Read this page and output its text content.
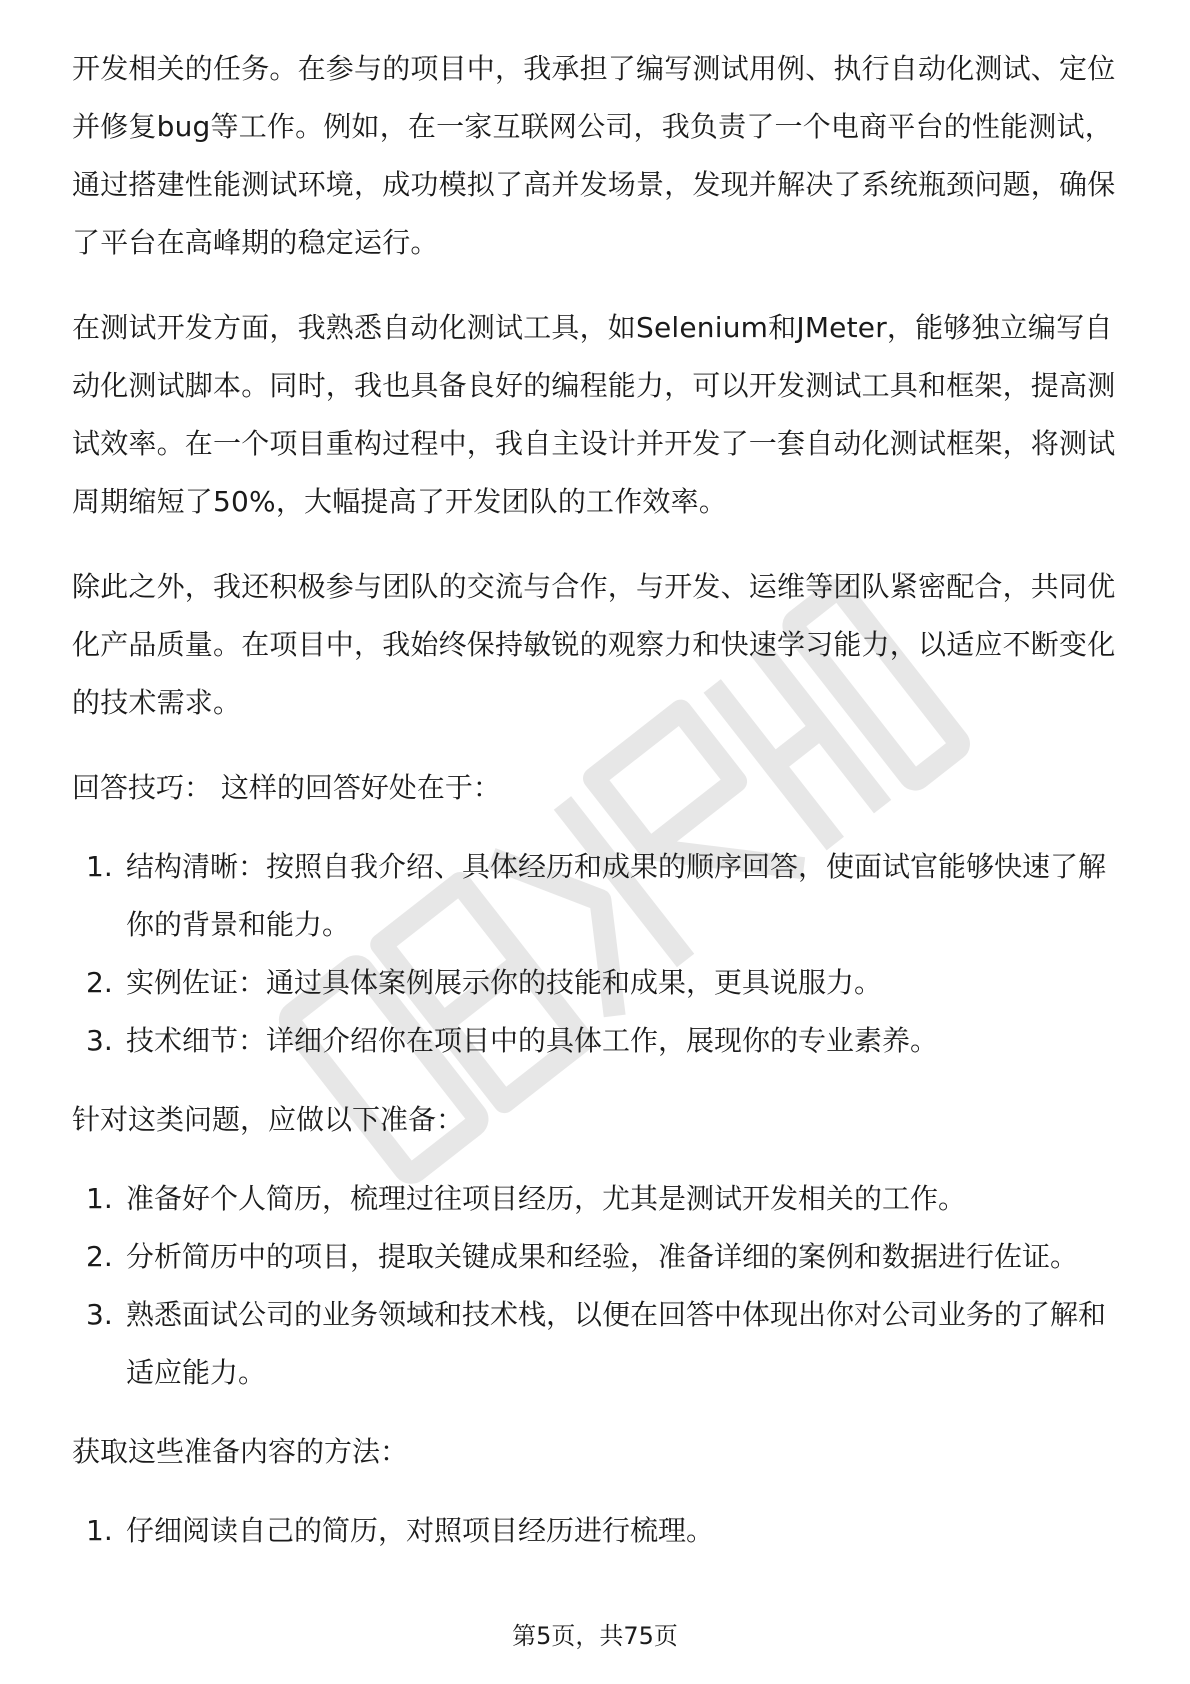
开发相关的任务。在参与的项目中，我承担了编写测试用例、执行自动化测试、定位并修复bug等工作。例如，在一家互联网公司，我负责了一个电商平台的性能测试，通过搭建性能测试环境，成功模拟了高并发场景，发现并解决了系统瓶颈问题，确保了平台在高峰期的稳定运行。

在测试开发方面，我熟悉自动化测试工具，如Selenium和JMeter，能够独立编写自动化测试脚本。同时，我也具备良好的编程能力，可以开发测试工具和框架，提高测试效率。在一个项目重构过程中，我自主设计并开发了一套自动化测试框架，将测试周期缩短了50%，大幅提高了开发团队的工作效率。

除此之外，我还积极参与团队的交流与合作，与开发、运维等团队紧密配合，共同优化产品质量。在项目中，我始终保持敏锐的观察力和快速学习能力，以适应不断变化的技术需求。

回答技巧： 这样的回答好处在于：

1. 结构清晰：按照自我介绍、具体经历和成果的顺序回答，使面试官能够快速了解你的背景和能力。
2. 实例佐证：通过具体案例展示你的技能和成果，更具说服力。
3. 技术细节：详细介绍你在项目中的具体工作，展现你的专业素养。

针对这类问题，应做以下准备：

1. 准备好个人简历，梳理过往项目经历，尤其是测试开发相关的工作。
2. 分析简历中的项目，提取关键成果和经验，准备详细的案例和数据进行佐证。
3. 熟悉面试公司的业务领域和技术栈，以便在回答中体现出你对公司业务的了解和适应能力。

获取这些准备内容的方法：

1. 仔细阅读自己的简历，对照项目经历进行梳理。
第5页，共75页
